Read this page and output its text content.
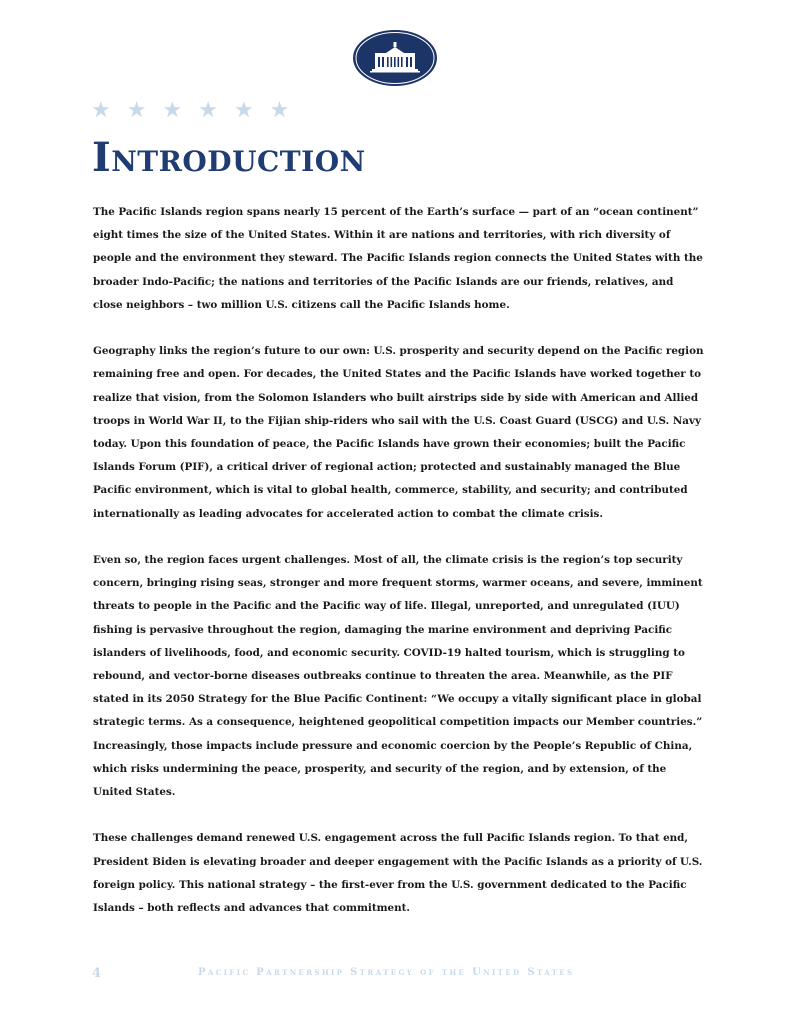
★ ★ ★ ★ ★ ★
Introduction

The Pacific Islands region spans nearly 15 percent of the Earth’s surface — part of an “ocean continent” eight times the size of the United States. Within it are nations and territories, with rich diversity of people and the environment they steward. The Pacific Islands region connects the United States with the broader Indo-Pacific; the nations and territories of the Pacific Islands are our friends, relatives, and close neighbors – two million U.S. citizens call the Pacific Islands home.

Geography links the region’s future to our own: U.S. prosperity and security depend on the Pacific region remaining free and open. For decades, the United States and the Pacific Islands have worked together to realize that vision, from the Solomon Islanders who built airstrips side by side with American and Allied troops in World War II, to the Fijian ship-riders who sail with the U.S. Coast Guard (USCG) and U.S. Navy today. Upon this foundation of peace, the Pacific Islands have grown their economies; built the Pacific Islands Forum (PIF), a critical driver of regional action; protected and sustainably managed the Blue Pacific environment, which is vital to global health, commerce, stability, and security; and contributed internationally as leading advocates for accelerated action to combat the climate crisis.

Even so, the region faces urgent challenges. Most of all, the climate crisis is the region’s top security concern, bringing rising seas, stronger and more frequent storms, warmer oceans, and severe, imminent threats to people in the Pacific and the Pacific way of life. Illegal, unreported, and unregulated (IUU) fishing is pervasive throughout the region, damaging the marine environment and depriving Pacific islanders of livelihoods, food, and economic security. COVID-19 halted tourism, which is struggling to rebound, and vector-borne diseases outbreaks continue to threaten the area. Meanwhile, as the PIF stated in its 2050 Strategy for the Blue Pacific Continent: “We occupy a vitally significant place in global strategic terms. As a consequence, heightened geopolitical competition impacts our Member countries.” Increasingly, those impacts include pressure and economic coercion by the People’s Republic of China, which risks undermining the peace, prosperity, and security of the region, and by extension, of the United States.

These challenges demand renewed U.S. engagement across the full Pacific Islands region. To that end, President Biden is elevating broader and deeper engagement with the Pacific Islands as a priority of U.S. foreign policy. This national strategy – the first-ever from the U.S. government dedicated to the Pacific Islands – both reflects and advances that commitment.

4	Pacific Partnership Strategy of the United States
